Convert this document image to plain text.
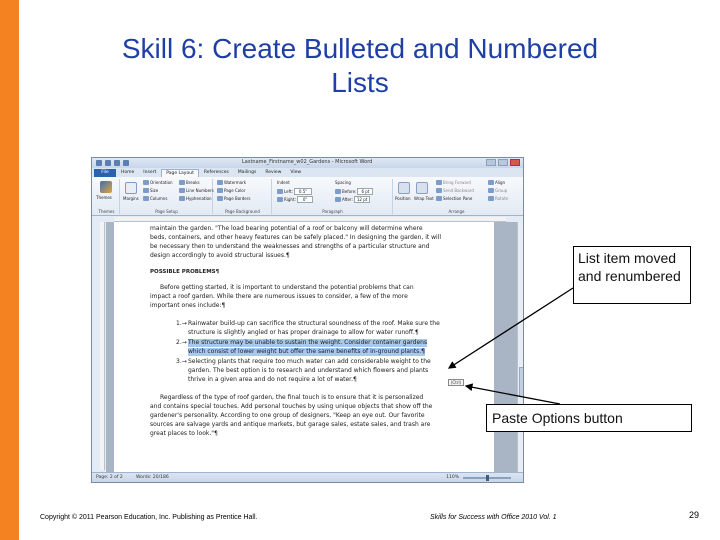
Skill 6: Create Bulleted and Numbered
Lists
Lastname_Firstname_w02_Gardens - Microsoft Word
File	Home	Insert	Page Layout	References	Mailings	Review	View
Themes
Themes
Margins
Orientation
Size
Columns
Breaks
Line Numbers
Hyphenation
Page Setup
Watermark
Page Color
Page Borders
Page Background
Indent
Left:	0.5"
Right:	0"
Spacing
Before:	6 pt
After:	12 pt
Paragraph
Position Wrap Text
Bring Forward
Send Backward
Selection Pane
Align
Group
Rotate
Arrange
maintain the garden. "The load bearing potential of a roof or balcony will determine where
beds, containers, and other heavy features can be safely placed." In designing the garden, it will
be necessary then to understand the weaknesses and strengths of a particular structure and
design accordingly to avoid structural issues.¶
POSSIBLE PROBLEMS¶
Before getting started, it is important to understand the potential problems that can
impact a roof garden. While there are numerous issues to consider, a few of the more
important ones include:¶
1.→ Rainwater build-up can sacrifice the structural soundness of the roof. Make sure the
structure is slightly angled or has proper drainage to allow for water runoff.¶
2.→ The structure may be unable to sustain the weight. Consider container gardens
which consist of lower weight but offer the same benefits of in-ground plants.¶
3.→ Selecting plants that require too much water can add considerable weight to the
garden. The best option is to research and understand which flowers and plants
thrive in a given area and do not require a lot of water.¶
Regardless of the type of roof garden, the final touch is to ensure that it is personalized
and contains special touches. Add personal touches by using unique objects that show off the
gardener's personality. According to one group of designers, "Keep an eye out. Our favorite
sources are salvage yards and antique markets, but garage sales, estate sales, and trash are
great places to look."¶
(Ctrl)
Page: 2 of 2	Words: 20/186	110%
List item moved and renumbered
Paste Options button
Copyright © 2011 Pearson Education, Inc. Publishing as Prentice Hall.	Skills for Success with Office 2010 Vol. 1	29
